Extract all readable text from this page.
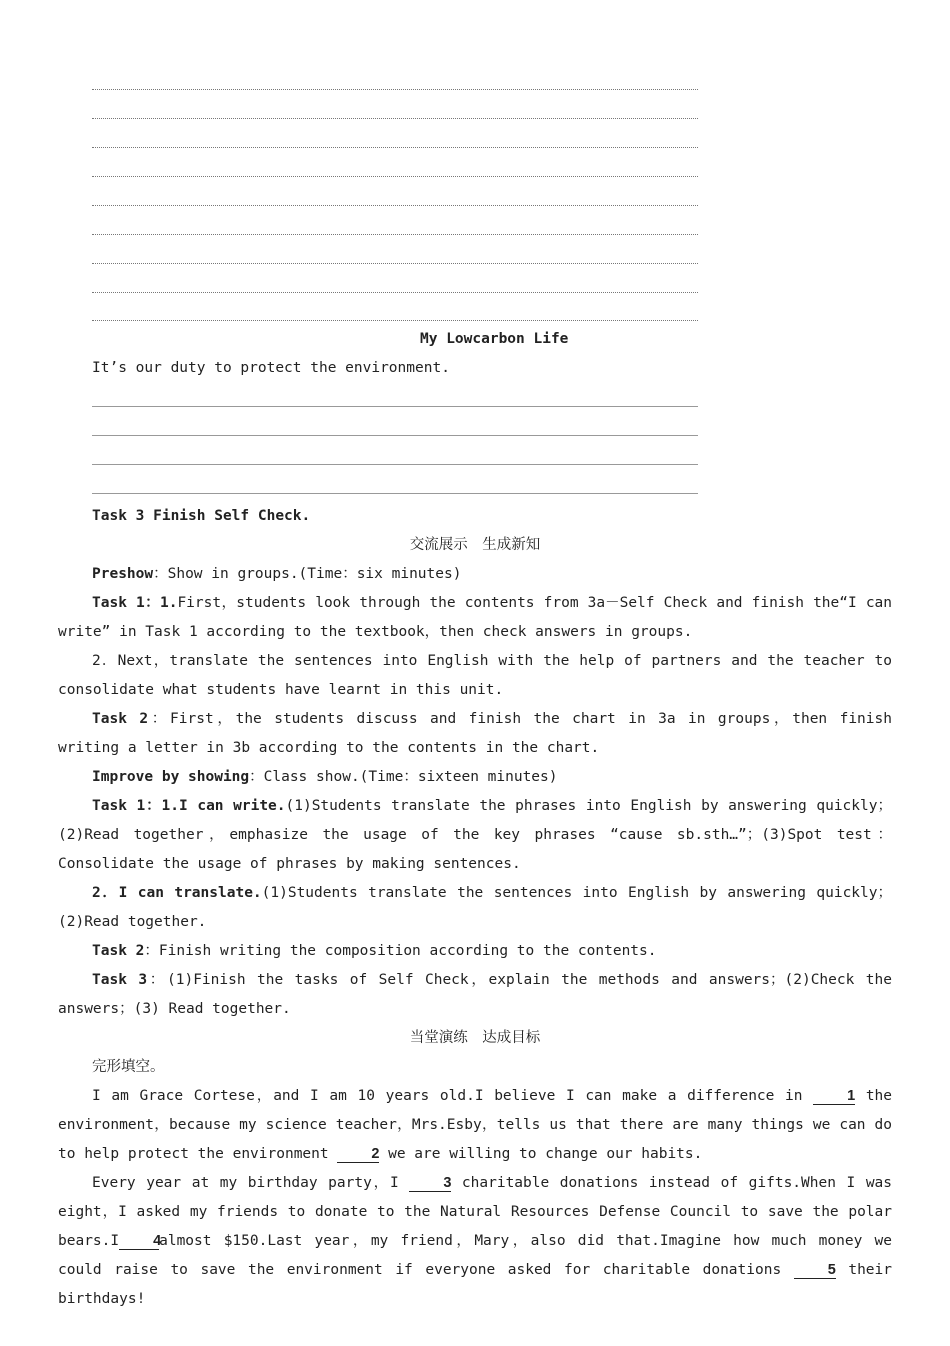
My Lowcarbon Life
It’s our duty to protect the environment.

Task 3 Finish Self Check.

交流展示　生成新知

Preshow：Show in groups.(Time：six minutes)

Task 1：1.First，students look through the contents from 3a－Self Check and finish the“I can write” in Task 1 according to the textbook，then check answers in groups.

2．Next，translate the sentences into English with the help of partners and the teacher to consolidate what students have learnt in this unit.

Task 2：First，the students discuss and finish the chart in 3a in groups，then finish writing a letter in 3b according to the contents in the chart.

Improve by showing：Class show.(Time：sixteen minutes)

Task 1：1.I can write.(1)Students translate the phrases into English by answering quickly；(2)Read together，emphasize the usage of the key phrases “cause sb.sth…”；(3)Spot test：Consolidate the usage of phrases by making sentences.

2．I can translate.(1)Students translate the sentences into English by answering quickly；(2)Read together.

Task 2：Finish writing the composition according to the contents.

Task 3：(1)Finish the tasks of Self Check，explain the methods and answers；(2)Check the answers；(3) Read together.

当堂演练　达成目标

完形填空。

I am Grace Cortese，and I am 10 years old.I believe I can make a difference in	1 the environment，because my science teacher，Mrs.Esby，tells us that there are many things we can do to help protect the environment	2 we are willing to change our habits.

Every year at my birthday party，I	3 charitable donations instead of gifts.When I was eight，I asked my friends to donate to the Natural Resources Defense Council to save the polar bears.I 4almost $150.Last year，my friend，Mary，also did that.Imagine how much money we could raise to save the environment if everyone asked for charitable donations	5 their birthdays!
